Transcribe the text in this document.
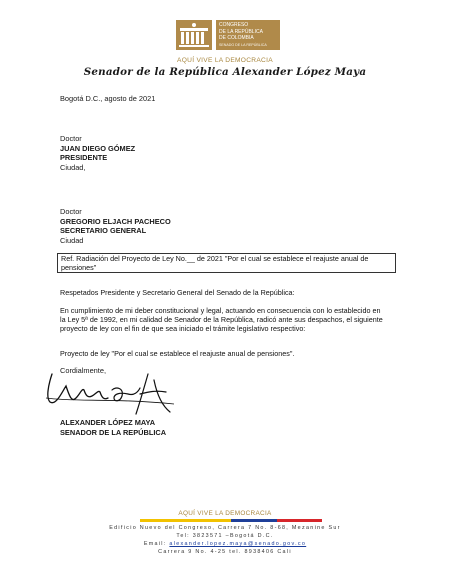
CONGRESO
DE LA REPÚBLICA
DE COLOMBIA
SENADO DE LA REPÚBLICA
AQUÍ VIVE LA DEMOCRACIA
Senador de la República Alexander López Maya
Bogotá D.C., agosto de 2021
Doctor
JUAN DIEGO GÓMEZ
PRESIDENTE
Ciudad,
Doctor
GREGORIO ELJACH PACHECO
SECRETARIO GENERAL
Ciudad
Ref. Radiación del Proyecto de Ley No.__ de 2021 "Por el cual se establece el reajuste anual de
pensiones"
Respetados Presidente y Secretario General del Senado de la República:
En cumplimiento de mi deber constitucional y legal, actuando en consecuencia con lo establecido en
la Ley 5ª de 1992, en mi calidad de Senador de la República, radicó ante sus despachos, el siguiente
proyecto de ley con el fin de que sea iniciado el trámite legislativo respectivo:
Proyecto de ley "Por el cual se establece el reajuste anual de pensiones".
Cordialmente,
ALEXANDER LÓPEZ MAYA
SENADOR DE LA REPÚBLICA
AQUÍ VIVE LA DEMOCRACIA
Edificio Nuevo del Congreso, Carrera 7 No. 8-68, Mezanine Sur
Tel: 3823571 –Bogotá D.C.
Email: alexander.lopez.maya@senado.gov.co
Carrera 9 No. 4-25 tel. 8938406 Cali
